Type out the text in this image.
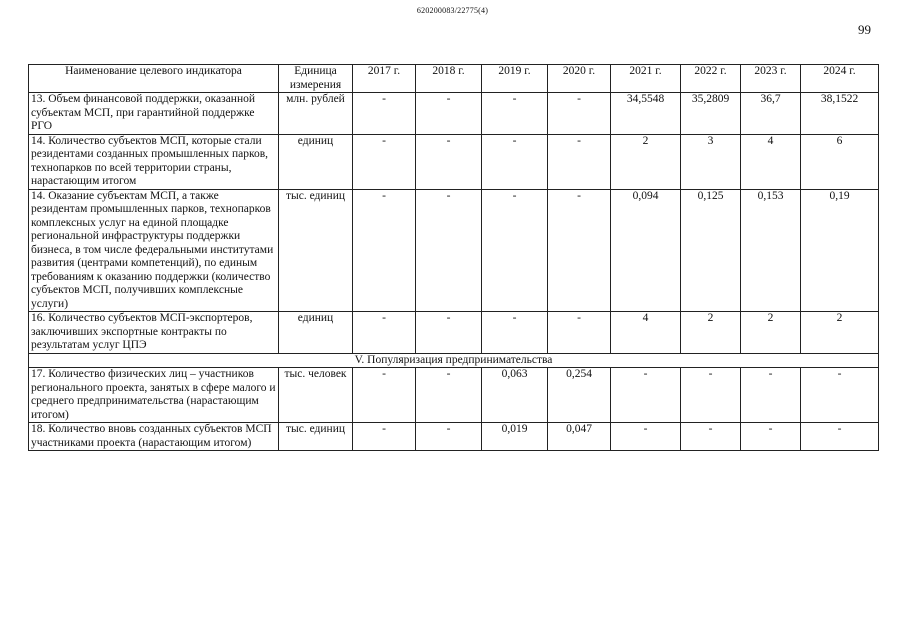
620200083/22775(4)
99
Наименование целевого индикатора	Единица измерения	2017 г.	2018 г.	2019 г.	2020 г.	2021 г.	2022 г.	2023 г.	2024 г.
13. Объем финансовой поддержки, оказанной субъектам МСП, при гарантийной поддержке РГО	млн. рублей	-	-	-	-	34,5548	35,2809	36,7	38,1522
14. Количество субъектов МСП, которые стали резидентами созданных промышленных парков, технопарков по всей территории страны, нарастающим итогом	единиц	-	-	-	-	2	3	4	6
14. Оказание субъектам МСП, а также резидентам промышленных парков, технопарков комплексных услуг на единой площадке региональной инфраструктуры поддержки бизнеса, в том числе федеральными институтами развития (центрами компетенций), по единым требованиям к оказанию поддержки (количество субъектов МСП, получивших комплексные услуги)	тыс. единиц	-	-	-	-	0,094	0,125	0,153	0,19
16. Количество субъектов МСП-экспортеров, заключивших экспортные контракты по результатам услуг ЦПЭ	единиц	-	-	-	-	4	2	2	2
V. Популяризация предпринимательства									
17. Количество физических лиц – участников регионального проекта, занятых в сфере малого и среднего предпринимательства (нарастающим итогом)	тыс. человек	-	-	0,063	0,254	-	-	-	-
18. Количество вновь созданных субъектов МСП участниками проекта (нарастающим итогом)	тыс. единиц	-	-	0,019	0,047	-	-	-	-
